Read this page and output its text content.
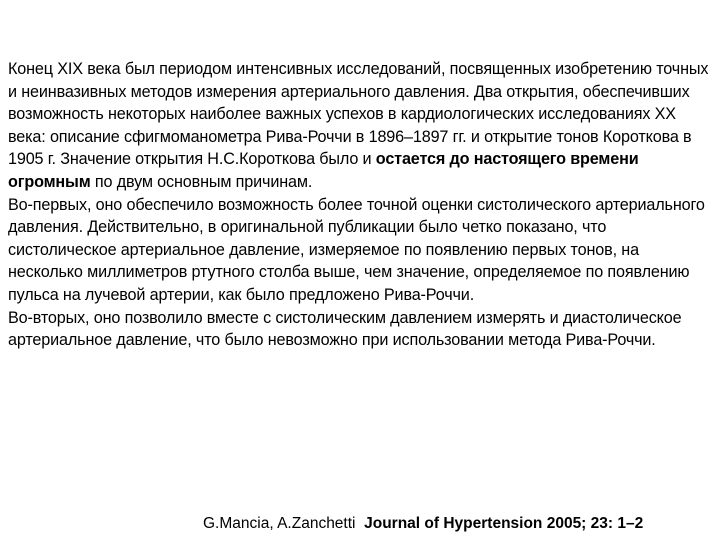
Конец XIX века был периодом интенсивных исследований, посвященных изобретению точных и неинвазивных методов измерения артериального давления. Два открытия, обеспечивших возможность некоторых наиболее важных успехов в кардиологических исследованиях XX века: описание сфигмоманометра Рива-Роччи в 1896–1897 гг. и открытие тонов Короткова в 1905 г. Значение открытия Н.С.Короткова было и остается до настоящего времени огромным по двум основным причинам.

Во-первых, оно обеспечило возможность более точной оценки систолического артериального давления. Действительно, в оригинальной публикации было четко показано, что систолическое артериальное давление, измеряемое по появлению первых тонов, на несколько миллиметров ртутного столба выше, чем значение, определяемое по появлению пульса на лучевой артерии, как было предложено Рива-Роччи.

Во-вторых, оно позволило вместе с систолическим давлением измерять и диастолическое артериальное давление, что было невозможно при использовании метода Рива-Роччи.

G.Mancia, A.Zanchetti Journal of Hypertension 2005; 23: 1–2
